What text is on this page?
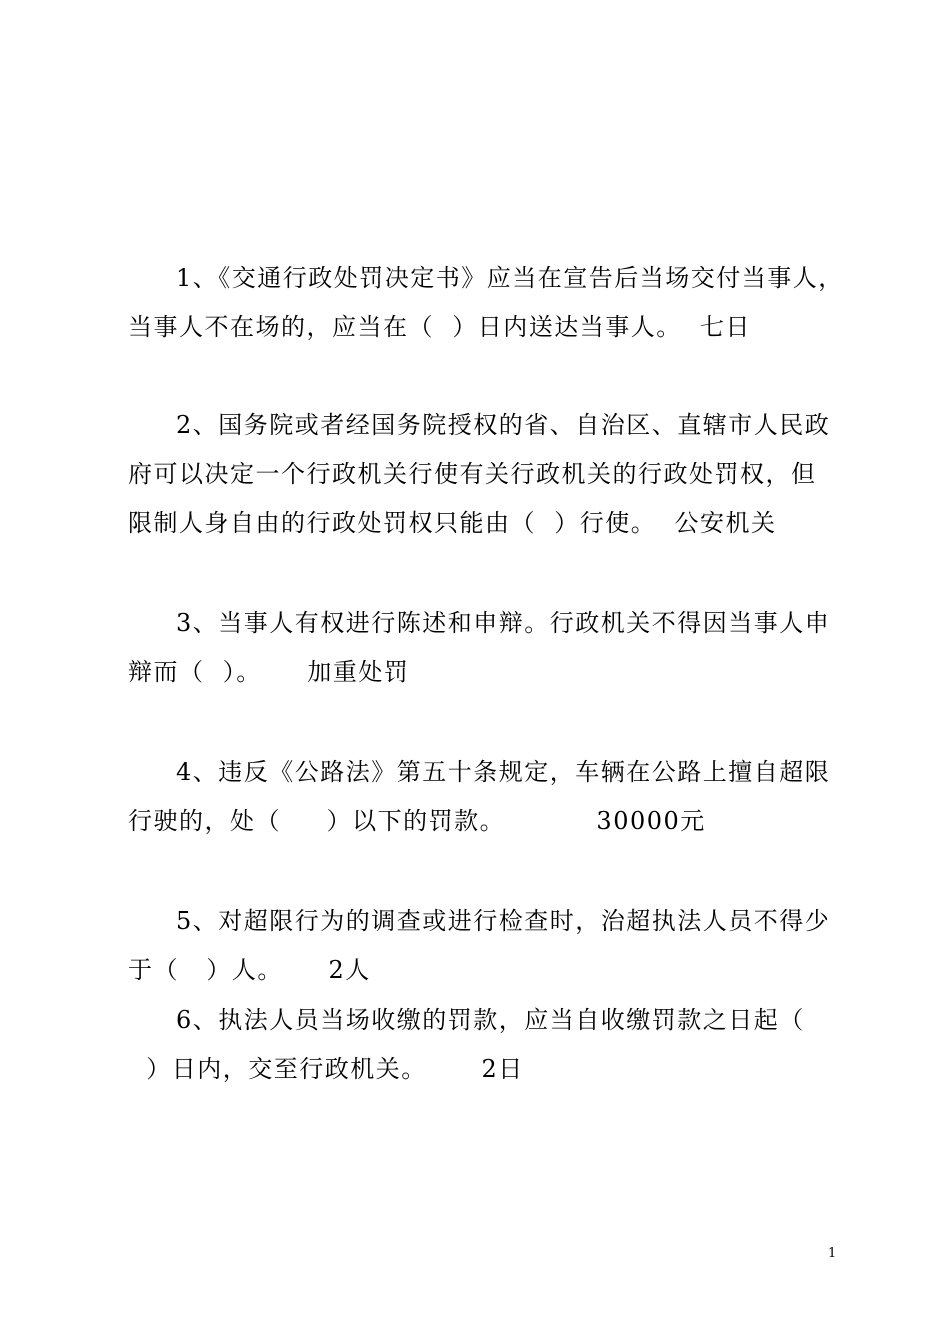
1、《交通行政处罚决定书》应当在宣告后当场交付当事人，
当事人不在场的，应当在（  ）日内送达当事人。  七日
2、国务院或者经国务院授权的省、自治区、直辖市人民政
府可以决定一个行政机关行使有关行政机关的行政处罚权，但
限制人身自由的行政处罚权只能由（  ）行使。  公安机关
3、当事人有权进行陈述和申辩。行政机关不得因当事人申
辩而（  ）。     加重处罚
4、违反《公路法》第五十条规定，车辆在公路上擅自超限
行驶的，处（     ）以下的罚款。          30000元
5、对超限行为的调查或进行检查时，治超执法人员不得少
于（   ）人。     2人
6、执法人员当场收缴的罚款，应当自收缴罚款之日起（
）日内，交至行政机关。      2日
1
